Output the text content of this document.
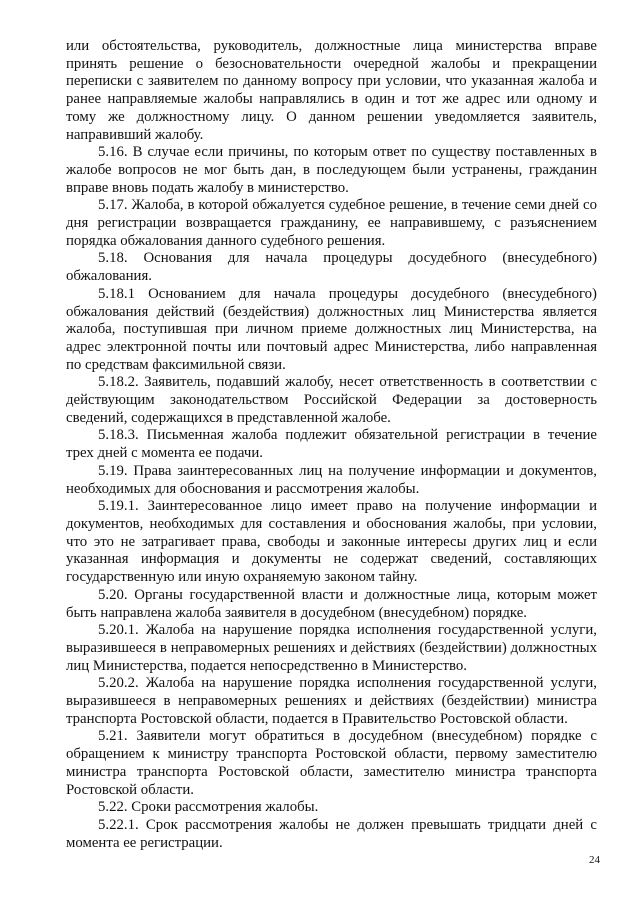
или обстоятельства, руководитель, должностные лица министерства вправе принять решение о безосновательности очередной жалобы и прекращении переписки с заявителем по данному вопросу при условии, что указанная жалоба и ранее направляемые жалобы направлялись в один и тот же адрес или одному и тому же должностному лицу. О данном решении уведомляется заявитель, направивший жалобу.

5.16. В случае если причины, по которым ответ по существу поставленных в жалобе вопросов не мог быть дан, в последующем были устранены, гражданин вправе вновь подать жалобу в министерство.

5.17. Жалоба, в которой обжалуется судебное решение, в течение семи дней со дня регистрации возвращается гражданину, ее направившему, с разъяснением порядка обжалования данного судебного решения.

5.18. Основания для начала процедуры досудебного (внесудебного) обжалования.

5.18.1 Основанием для начала процедуры досудебного (внесудебного) обжалования действий (бездействия) должностных лиц Министерства является жалоба, поступившая при личном приеме должностных лиц Министерства, на адрес электронной почты или почтовый адрес Министерства, либо направленная по средствам факсимильной связи.

5.18.2. Заявитель, подавший жалобу, несет ответственность в соответствии с действующим законодательством Российской Федерации за достоверность сведений, содержащихся в представленной жалобе.

5.18.3. Письменная жалоба подлежит обязательной регистрации в течение трех дней с момента ее подачи.

5.19. Права заинтересованных лиц на получение информации и документов, необходимых для обоснования и рассмотрения жалобы.

5.19.1. Заинтересованное лицо имеет право на получение информации и документов, необходимых для составления и обоснования жалобы, при условии, что это не затрагивает права, свободы и законные интересы других лиц и если указанная информация и документы не содержат сведений, составляющих государственную или иную охраняемую законом тайну.

5.20. Органы государственной власти и должностные лица, которым может быть направлена жалоба заявителя в досудебном (внесудебном) порядке.

5.20.1. Жалоба на нарушение порядка исполнения государственной услуги, выразившееся в неправомерных решениях и действиях (бездействии) должностных лиц Министерства, подается непосредственно в Министерство.

5.20.2. Жалоба на нарушение порядка исполнения государственной услуги, выразившееся в неправомерных решениях и действиях (бездействии) министра транспорта Ростовской области, подается в Правительство Ростовской области.

5.21. Заявители могут обратиться в досудебном (внесудебном) порядке с обращением к министру транспорта Ростовской области, первому заместителю министра транспорта Ростовской области, заместителю министра транспорта Ростовской области.

5.22. Сроки рассмотрения жалобы.

5.22.1. Срок рассмотрения жалобы не должен превышать тридцати дней с момента ее регистрации.

24
